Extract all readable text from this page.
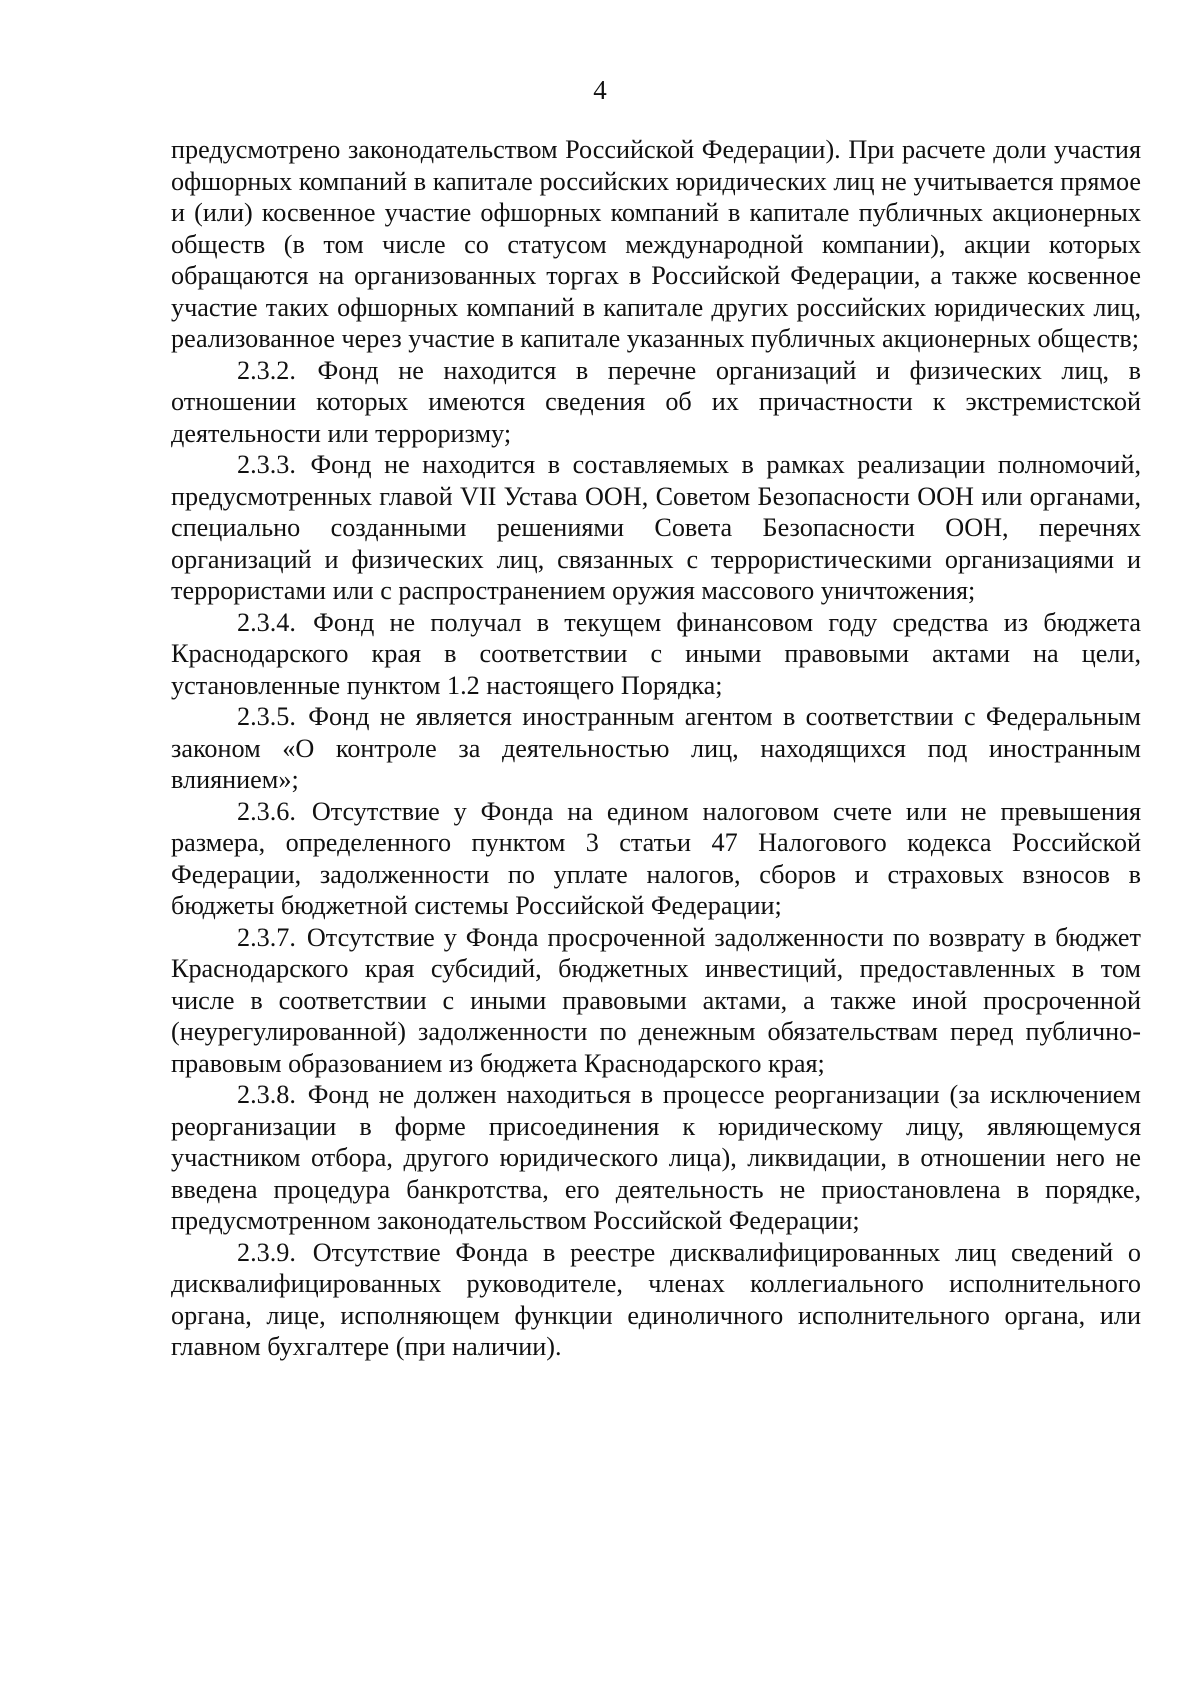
4

предусмотрено законодательством Российской Федерации). При расчете доли участия офшорных компаний в капитале российских юридических лиц не учитывается прямое и (или) косвенное участие офшорных компаний в капитале публичных акционерных обществ (в том числе со статусом международной компании), акции которых обращаются на организованных торгах в Российской Федерации, а также косвенное участие таких офшорных компаний в капитале других российских юридических лиц, реализованное через участие в капитале указанных публичных акционерных обществ;

2.3.2. Фонд не находится в перечне организаций и физических лиц, в отношении которых имеются сведения об их причастности к экстремистской деятельности или терроризму;

2.3.3. Фонд не находится в составляемых в рамках реализации полномочий, предусмотренных главой VII Устава ООН, Советом Безопасности ООН или органами, специально созданными решениями Совета Безопасности ООН, перечнях организаций и физических лиц, связанных с террористическими организациями и террористами или с распространением оружия массового уничтожения;

2.3.4. Фонд не получал в текущем финансовом году средства из бюджета Краснодарского края в соответствии с иными правовыми актами на цели, установленные пунктом 1.2 настоящего Порядка;

2.3.5. Фонд не является иностранным агентом в соответствии с Федеральным законом «О контроле за деятельностью лиц, находящихся под иностранным влиянием»;

2.3.6. Отсутствие у Фонда на едином налоговом счете или не превышения размера, определенного пунктом 3 статьи 47 Налогового кодекса Российской Федерации, задолженности по уплате налогов, сборов и страховых взносов в бюджеты бюджетной системы Российской Федерации;

2.3.7. Отсутствие у Фонда просроченной задолженности по возврату в бюджет Краснодарского края субсидий, бюджетных инвестиций, предоставленных в том числе в соответствии с иными правовыми актами, а также иной просроченной (неурегулированной) задолженности по денежным обязательствам перед публично-правовым образованием из бюджета Краснодарского края;

2.3.8. Фонд не должен находиться в процессе реорганизации (за исключением реорганизации в форме присоединения к юридическому лицу, являющемуся участником отбора, другого юридического лица), ликвидации, в отношении него не введена процедура банкротства, его деятельность не приостановлена в порядке, предусмотренном законодательством Российской Федерации;

2.3.9. Отсутствие Фонда в реестре дисквалифицированных лиц сведений о дисквалифицированных руководителе, членах коллегиального исполнительного органа, лице, исполняющем функции единоличного исполнительного органа, или главном бухгалтере (при наличии).
